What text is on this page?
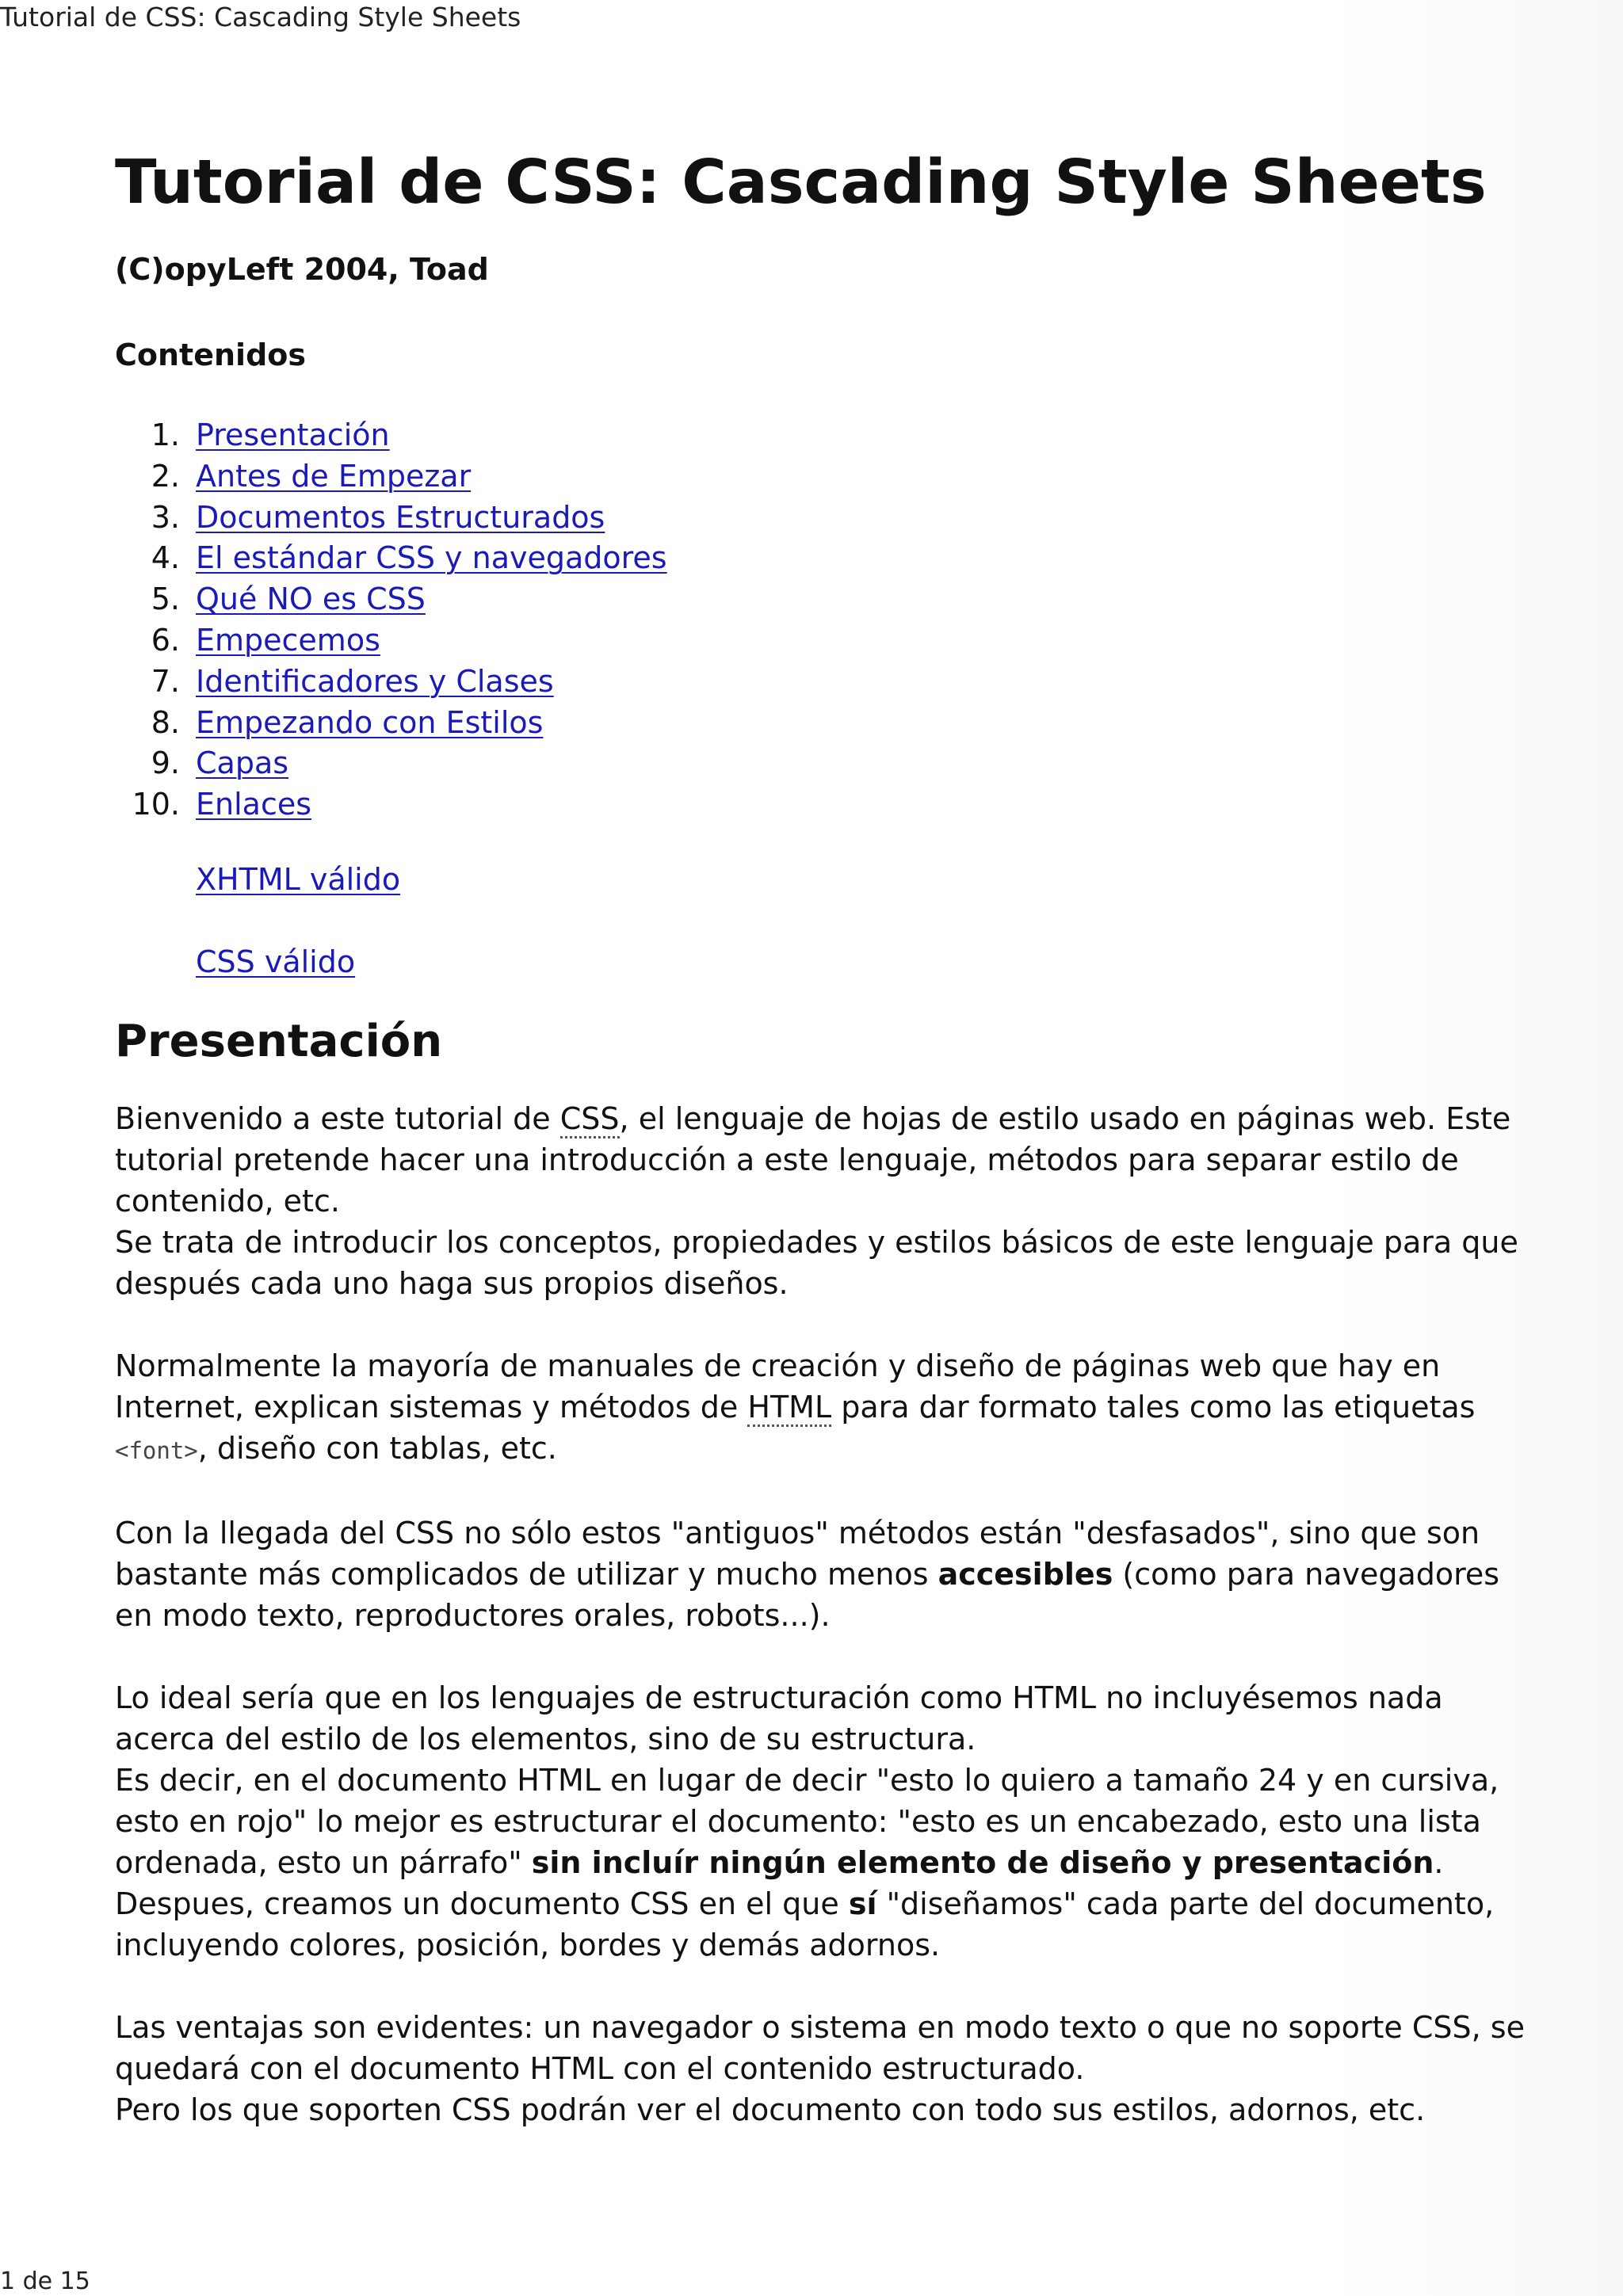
Tutorial de CSS: Cascading Style Sheets
Tutorial de CSS: Cascading Style Sheets
(C)opyLeft 2004, Toad
Contenidos
1. Presentación
2. Antes de Empezar
3. Documentos Estructurados
4. El estándar CSS y navegadores
5. Qué NO es CSS
6. Empecemos
7. Identificadores y Clases
8. Empezando con Estilos
9. Capas
10. Enlaces
XHTML válido
CSS válido
Presentación

Bienvenido a este tutorial de CSS, el lenguaje de hojas de estilo usado en páginas web. Este tutorial pretende hacer una introducción a este lenguaje, métodos para separar estilo de contenido, etc.
Se trata de introducir los conceptos, propiedades y estilos básicos de este lenguaje para que después cada uno haga sus propios diseños.

Normalmente la mayoría de manuales de creación y diseño de páginas web que hay en Internet, explican sistemas y métodos de HTML para dar formato tales como las etiquetas <font>, diseño con tablas, etc.

Con la llegada del CSS no sólo estos "antiguos" métodos están "desfasados", sino que son bastante más complicados de utilizar y mucho menos accesibles (como para navegadores en modo texto, reproductores orales, robots...).

Lo ideal sería que en los lenguajes de estructuración como HTML no incluyésemos nada acerca del estilo de los elementos, sino de su estructura.
Es decir, en el documento HTML en lugar de decir "esto lo quiero a tamaño 24 y en cursiva, esto en rojo" lo mejor es estructurar el documento: "esto es un encabezado, esto una lista ordenada, esto un párrafo" sin incluír ningún elemento de diseño y presentación.
Despues, creamos un documento CSS en el que sí "diseñamos" cada parte del documento, incluyendo colores, posición, bordes y demás adornos.

Las ventajas son evidentes: un navegador o sistema en modo texto o que no soporte CSS, se quedará con el documento HTML con el contenido estructurado.
Pero los que soporten CSS podrán ver el documento con todo sus estilos, adornos, etc.

1 de 15
